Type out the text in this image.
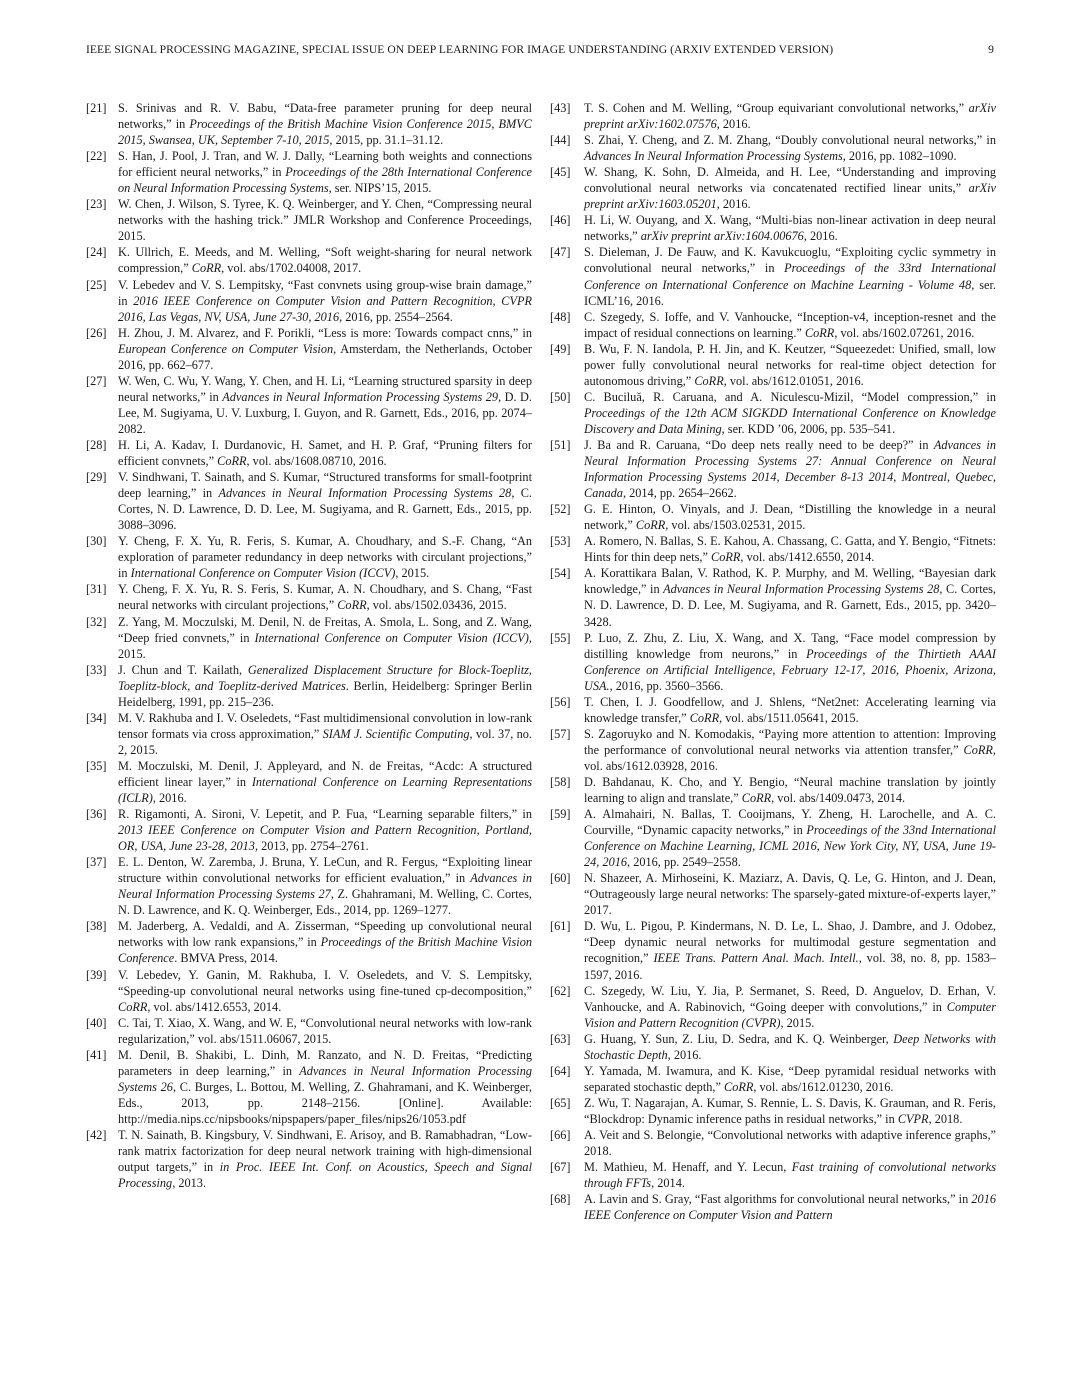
IEEE SIGNAL PROCESSING MAGAZINE, SPECIAL ISSUE ON DEEP LEARNING FOR IMAGE UNDERSTANDING (ARXIV EXTENDED VERSION)	9
[21] S. Srinivas and R. V. Babu, “Data-free parameter pruning for deep neural networks,” in Proceedings of the British Machine Vision Conference 2015, BMVC 2015, Swansea, UK, September 7-10, 2015, 2015, pp. 31.1–31.12.
[22] S. Han, J. Pool, J. Tran, and W. J. Dally, “Learning both weights and connections for efficient neural networks,” in Proceedings of the 28th International Conference on Neural Information Processing Systems, ser. NIPS’15, 2015.
[23] W. Chen, J. Wilson, S. Tyree, K. Q. Weinberger, and Y. Chen, “Compressing neural networks with the hashing trick.” JMLR Workshop and Conference Proceedings, 2015.
[24] K. Ullrich, E. Meeds, and M. Welling, “Soft weight-sharing for neural network compression,” CoRR, vol. abs/1702.04008, 2017.
[25] V. Lebedev and V. S. Lempitsky, “Fast convnets using group-wise brain damage,” in 2016 IEEE Conference on Computer Vision and Pattern Recognition, CVPR 2016, Las Vegas, NV, USA, June 27-30, 2016, 2016, pp. 2554–2564.
[26] H. Zhou, J. M. Alvarez, and F. Porikli, “Less is more: Towards compact cnns,” in European Conference on Computer Vision, Amsterdam, the Netherlands, October 2016, pp. 662–677.
[27] W. Wen, C. Wu, Y. Wang, Y. Chen, and H. Li, “Learning structured sparsity in deep neural networks,” in Advances in Neural Information Processing Systems 29, D. D. Lee, M. Sugiyama, U. V. Luxburg, I. Guyon, and R. Garnett, Eds., 2016, pp. 2074–2082.
[28] H. Li, A. Kadav, I. Durdanovic, H. Samet, and H. P. Graf, “Pruning filters for efficient convnets,” CoRR, vol. abs/1608.08710, 2016.
[29] V. Sindhwani, T. Sainath, and S. Kumar, “Structured transforms for small-footprint deep learning,” in Advances in Neural Information Processing Systems 28, C. Cortes, N. D. Lawrence, D. D. Lee, M. Sugiyama, and R. Garnett, Eds., 2015, pp. 3088–3096.
[30] Y. Cheng, F. X. Yu, R. Feris, S. Kumar, A. Choudhary, and S.-F. Chang, “An exploration of parameter redundancy in deep networks with circulant projections,” in International Conference on Computer Vision (ICCV), 2015.
[31] Y. Cheng, F. X. Yu, R. S. Feris, S. Kumar, A. N. Choudhary, and S. Chang, “Fast neural networks with circulant projections,” CoRR, vol. abs/1502.03436, 2015.
[32] Z. Yang, M. Moczulski, M. Denil, N. de Freitas, A. Smola, L. Song, and Z. Wang, “Deep fried convnets,” in International Conference on Computer Vision (ICCV), 2015.
[33] J. Chun and T. Kailath, Generalized Displacement Structure for Block-Toeplitz, Toeplitz-block, and Toeplitz-derived Matrices. Berlin, Heidelberg: Springer Berlin Heidelberg, 1991, pp. 215–236.
[34] M. V. Rakhuba and I. V. Oseledets, “Fast multidimensional convolution in low-rank tensor formats via cross approximation,” SIAM J. Scientific Computing, vol. 37, no. 2, 2015.
[35] M. Moczulski, M. Denil, J. Appleyard, and N. de Freitas, “Acdc: A structured efficient linear layer,” in International Conference on Learning Representations (ICLR), 2016.
[36] R. Rigamonti, A. Sironi, V. Lepetit, and P. Fua, “Learning separable filters,” in 2013 IEEE Conference on Computer Vision and Pattern Recognition, Portland, OR, USA, June 23-28, 2013, 2013, pp. 2754–2761.
[37] E. L. Denton, W. Zaremba, J. Bruna, Y. LeCun, and R. Fergus, “Exploiting linear structure within convolutional networks for efficient evaluation,” in Advances in Neural Information Processing Systems 27, Z. Ghahramani, M. Welling, C. Cortes, N. D. Lawrence, and K. Q. Weinberger, Eds., 2014, pp. 1269–1277.
[38] M. Jaderberg, A. Vedaldi, and A. Zisserman, “Speeding up convolutional neural networks with low rank expansions,” in Proceedings of the British Machine Vision Conference. BMVA Press, 2014.
[39] V. Lebedev, Y. Ganin, M. Rakhuba, I. V. Oseledets, and V. S. Lempitsky, “Speeding-up convolutional neural networks using fine-tuned cp-decomposition,” CoRR, vol. abs/1412.6553, 2014.
[40] C. Tai, T. Xiao, X. Wang, and W. E, “Convolutional neural networks with low-rank regularization,” vol. abs/1511.06067, 2015.
[41] M. Denil, B. Shakibi, L. Dinh, M. Ranzato, and N. D. Freitas, “Predicting parameters in deep learning,” in Advances in Neural Information Processing Systems 26, C. Burges, L. Bottou, M. Welling, Z. Ghahramani, and K. Weinberger, Eds., 2013, pp. 2148–2156. [Online]. Available: http://media.nips.cc/nipsbooks/nipspapers/paper_files/nips26/1053.pdf
[42] T. N. Sainath, B. Kingsbury, V. Sindhwani, E. Arisoy, and B. Ramabhadran, “Low-rank matrix factorization for deep neural network training with high-dimensional output targets,” in in Proc. IEEE Int. Conf. on Acoustics, Speech and Signal Processing, 2013.
[43] T. S. Cohen and M. Welling, “Group equivariant convolutional networks,” arXiv preprint arXiv:1602.07576, 2016.
[44] S. Zhai, Y. Cheng, and Z. M. Zhang, “Doubly convolutional neural networks,” in Advances In Neural Information Processing Systems, 2016, pp. 1082–1090.
[45] W. Shang, K. Sohn, D. Almeida, and H. Lee, “Understanding and improving convolutional neural networks via concatenated rectified linear units,” arXiv preprint arXiv:1603.05201, 2016.
[46] H. Li, W. Ouyang, and X. Wang, “Multi-bias non-linear activation in deep neural networks,” arXiv preprint arXiv:1604.00676, 2016.
[47] S. Dieleman, J. De Fauw, and K. Kavukcuoglu, “Exploiting cyclic symmetry in convolutional neural networks,” in Proceedings of the 33rd International Conference on International Conference on Machine Learning - Volume 48, ser. ICML’16, 2016.
[48] C. Szegedy, S. Ioffe, and V. Vanhoucke, “Inception-v4, inception-resnet and the impact of residual connections on learning.” CoRR, vol. abs/1602.07261, 2016.
[49] B. Wu, F. N. Iandola, P. H. Jin, and K. Keutzer, “Squeezedet: Unified, small, low power fully convolutional neural networks for real-time object detection for autonomous driving,” CoRR, vol. abs/1612.01051, 2016.
[50] C. Buciluǎ, R. Caruana, and A. Niculescu-Mizil, “Model compression,” in Proceedings of the 12th ACM SIGKDD International Conference on Knowledge Discovery and Data Mining, ser. KDD ’06, 2006, pp. 535–541.
[51] J. Ba and R. Caruana, “Do deep nets really need to be deep?” in Advances in Neural Information Processing Systems 27: Annual Conference on Neural Information Processing Systems 2014, December 8-13 2014, Montreal, Quebec, Canada, 2014, pp. 2654–2662.
[52] G. E. Hinton, O. Vinyals, and J. Dean, “Distilling the knowledge in a neural network,” CoRR, vol. abs/1503.02531, 2015.
[53] A. Romero, N. Ballas, S. E. Kahou, A. Chassang, C. Gatta, and Y. Bengio, “Fitnets: Hints for thin deep nets,” CoRR, vol. abs/1412.6550, 2014.
[54] A. Korattikara Balan, V. Rathod, K. P. Murphy, and M. Welling, “Bayesian dark knowledge,” in Advances in Neural Information Processing Systems 28, C. Cortes, N. D. Lawrence, D. D. Lee, M. Sugiyama, and R. Garnett, Eds., 2015, pp. 3420–3428.
[55] P. Luo, Z. Zhu, Z. Liu, X. Wang, and X. Tang, “Face model compression by distilling knowledge from neurons,” in Proceedings of the Thirtieth AAAI Conference on Artificial Intelligence, February 12-17, 2016, Phoenix, Arizona, USA., 2016, pp. 3560–3566.
[56] T. Chen, I. J. Goodfellow, and J. Shlens, “Net2net: Accelerating learning via knowledge transfer,” CoRR, vol. abs/1511.05641, 2015.
[57] S. Zagoruyko and N. Komodakis, “Paying more attention to attention: Improving the performance of convolutional neural networks via attention transfer,” CoRR, vol. abs/1612.03928, 2016.
[58] D. Bahdanau, K. Cho, and Y. Bengio, “Neural machine translation by jointly learning to align and translate,” CoRR, vol. abs/1409.0473, 2014.
[59] A. Almahairi, N. Ballas, T. Cooijmans, Y. Zheng, H. Larochelle, and A. C. Courville, “Dynamic capacity networks,” in Proceedings of the 33nd International Conference on Machine Learning, ICML 2016, New York City, NY, USA, June 19-24, 2016, 2016, pp. 2549–2558.
[60] N. Shazeer, A. Mirhoseini, K. Maziarz, A. Davis, Q. Le, G. Hinton, and J. Dean, “Outrageously large neural networks: The sparsely-gated mixture-of-experts layer,” 2017.
[61] D. Wu, L. Pigou, P. Kindermans, N. D. Le, L. Shao, J. Dambre, and J. Odobez, “Deep dynamic neural networks for multimodal gesture segmentation and recognition,” IEEE Trans. Pattern Anal. Mach. Intell., vol. 38, no. 8, pp. 1583–1597, 2016.
[62] C. Szegedy, W. Liu, Y. Jia, P. Sermanet, S. Reed, D. Anguelov, D. Erhan, V. Vanhoucke, and A. Rabinovich, “Going deeper with convolutions,” in Computer Vision and Pattern Recognition (CVPR), 2015.
[63] G. Huang, Y. Sun, Z. Liu, D. Sedra, and K. Q. Weinberger, Deep Networks with Stochastic Depth, 2016.
[64] Y. Yamada, M. Iwamura, and K. Kise, “Deep pyramidal residual networks with separated stochastic depth,” CoRR, vol. abs/1612.01230, 2016.
[65] Z. Wu, T. Nagarajan, A. Kumar, S. Rennie, L. S. Davis, K. Grauman, and R. Feris, “Blockdrop: Dynamic inference paths in residual networks,” in CVPR, 2018.
[66] A. Veit and S. Belongie, “Convolutional networks with adaptive inference graphs,” 2018.
[67] M. Mathieu, M. Henaff, and Y. Lecun, Fast training of convolutional networks through FFTs, 2014.
[68] A. Lavin and S. Gray, “Fast algorithms for convolutional neural networks,” in 2016 IEEE Conference on Computer Vision and Pattern
